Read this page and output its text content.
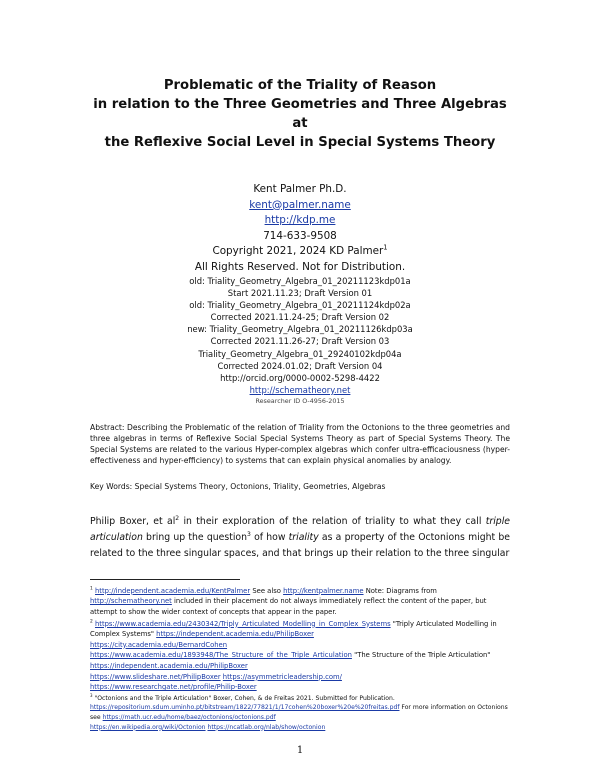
Problematic of the Triality of Reason
in relation to the Three Geometries and Three Algebras at
the Reflexive Social Level in Special Systems Theory
Kent Palmer Ph.D.
kent@palmer.name
http://kdp.me
714-633-9508
Copyright 2021, 2024 KD Palmer$^1$
All Rights Reserved. Not for Distribution.
old: Triality_Geometry_Algebra_01_20211123kdp01a
Start 2021.11.23; Draft Version 01
old: Triality_Geometry_Algebra_01_20211124kdp02a
Corrected 2021.11.24-25; Draft Version 02
new: Triality_Geometry_Algebra_01_20211126kdp03a
Corrected 2021.11.26-27; Draft Version 03
Triality_Geometry_Algebra_01_29240102kdp04a
Corrected 2024.01.02; Draft Version 04
http://orcid.org/0000-0002-5298-4422
http://schematheory.net
Researcher ID O-4956-2015
Abstract: Describing the Problematic of the relation of Triality from the Octonions to the three geometries and three algebras in terms of Reflexive Social Special Systems Theory as part of Special Systems Theory. The Special Systems are related to the various Hyper-complex algebras which confer ultra-efficaciousness (hyper-effectiveness and hyper-efficiency) to systems that can explain physical anomalies by analogy.
Key Words: Special Systems Theory, Octonions, Triality, Geometries, Algebras
Philip Boxer, et $al^2$ in their exploration of the relation of triality to what they call triple articulation bring up the question$^3$ of how triality as a property of the Octonions might be related to the three singular spaces, and that brings up their relation to the three singular
$^1$ http://independent.academia.edu/KentPalmer See also http://kentpalmer.name Note: Diagrams from http://schematheory.net included in their placement do not always immediately reflect the content of the paper, but attempt to show the wider context of concepts that appear in the paper.
$^2$ https://www.academia.edu/2430342/Triply_Articulated_Modelling_in_Complex_Systems "Triply Articulated Modelling in Complex Systems" https://independent.academia.edu/PhilipBoxer
https://city.academia.edu/BernardCohen
https://www.academia.edu/1893948/The_Structure_of_the_Triple_Articulation "The Structure of the Triple Articulation" https://independent.academia.edu/PhilipBoxer
https://www.slideshare.net/PhilipBoxer https://asymmetricleadership.com/
https://www.researchgate.net/profile/Philip-Boxer
$^3$ "Octonions and the Triple Articulation" Boxer, Cohen, & de Freitas 2021. Submitted for Publication.
https://repositorium.sdum.uminho.pt/bitstream/1822/77821/1/17cohen%20boxer%20e%20freitas.pdf For more information on Octonions see https://math.ucr.edu/home/baez/octonions/octonions.pdf
https://en.wikipedia.org/wiki/Octonion https://ncatlab.org/nlab/show/octonion
1
